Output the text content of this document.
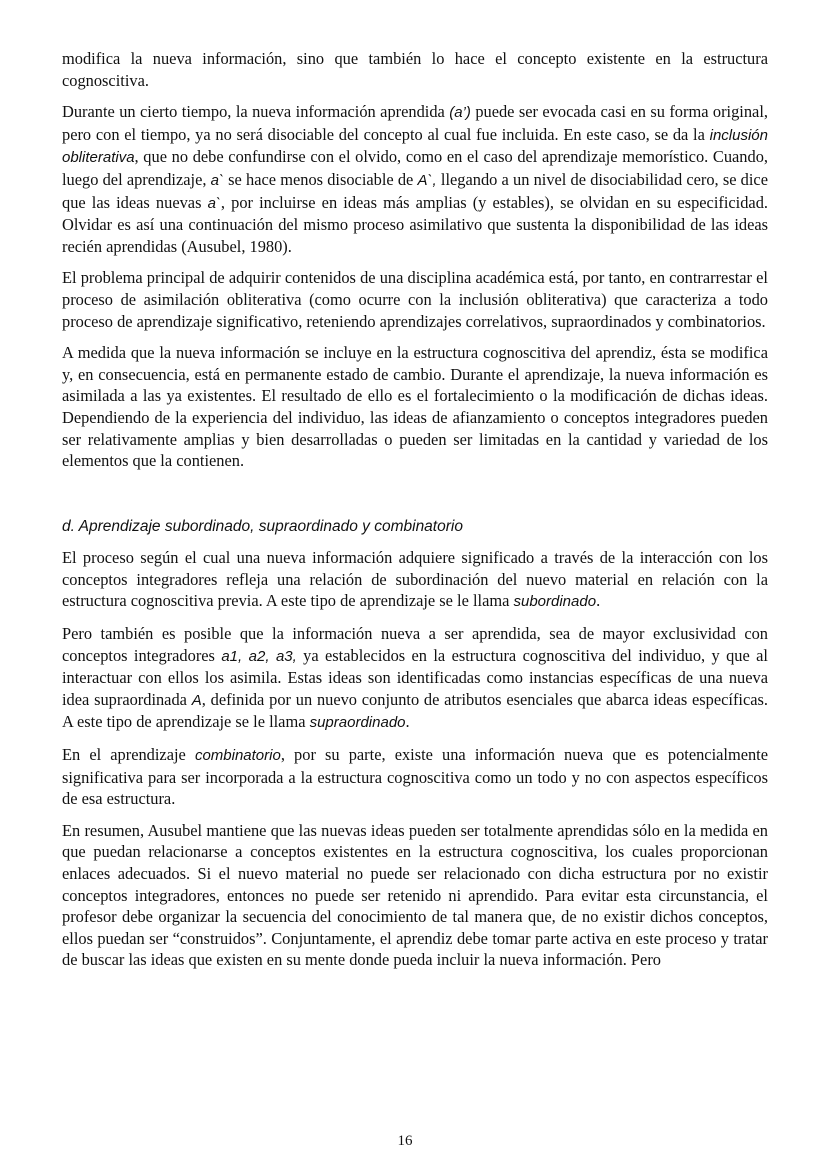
modifica la nueva información, sino que también lo hace el concepto existente en la estructura cognoscitiva.
Durante un cierto tiempo, la nueva información aprendida (a’) puede ser evocada casi en su forma original, pero con el tiempo, ya no será disociable del concepto al cual fue incluida. En este caso, se da la inclusión obliterativa, que no debe confundirse con el olvido, como en el caso del aprendizaje memorístico. Cuando, luego del aprendizaje, a` se hace menos disociable de A`, llegando a un nivel de disociabilidad cero, se dice que las ideas nuevas a`, por incluirse en ideas más amplias (y estables), se olvidan en su especificidad. Olvidar es así una continuación del mismo proceso asimilativo que sustenta la disponibilidad de las ideas recién aprendidas (Ausubel, 1980).
El problema principal de adquirir contenidos de una disciplina académica está, por tanto, en contrarrestar el proceso de asimilación obliterativa (como ocurre con la inclusión obliterativa) que caracteriza a todo proceso de aprendizaje significativo, reteniendo aprendizajes correlativos, supraordinados y combinatorios.
A medida que la nueva información se incluye en la estructura cognoscitiva del aprendiz, ésta se modifica y, en consecuencia, está en permanente estado de cambio. Durante el aprendizaje, la nueva información es asimilada a las ya existentes. El resultado de ello es el fortalecimiento o la modificación de dichas ideas. Dependiendo de la experiencia del individuo, las ideas de afianzamiento o conceptos integradores pueden ser relativamente amplias y bien desarrolladas o pueden ser limitadas en la cantidad y variedad de los elementos que la contienen.
d. Aprendizaje subordinado, supraordinado y combinatorio
El proceso según el cual una nueva información adquiere significado a través de la interacción con los conceptos integradores refleja una relación de subordinación del nuevo material en relación con la estructura cognoscitiva previa. A este tipo de aprendizaje se le llama subordinado.
Pero también es posible que la información nueva a ser aprendida, sea de mayor exclusividad con conceptos integradores a1, a2, a3, ya establecidos en la estructura cognoscitiva del individuo, y que al interactuar con ellos los asimila. Estas ideas son identificadas como instancias específicas de una nueva idea supraordinada A, definida por un nuevo conjunto de atributos esenciales que abarca ideas específicas. A este tipo de aprendizaje se le llama supraordinado.
En el aprendizaje combinatorio, por su parte, existe una información nueva que es potencialmente significativa para ser incorporada a la estructura cognoscitiva como un todo y no con aspectos específicos de esa estructura.
En resumen, Ausubel mantiene que las nuevas ideas pueden ser totalmente aprendidas sólo en la medida en que puedan relacionarse a conceptos existentes en la estructura cognoscitiva, los cuales proporcionan enlaces adecuados. Si el nuevo material no puede ser relacionado con dicha estructura por no existir conceptos integradores, entonces no puede ser retenido ni aprendido. Para evitar esta circunstancia, el profesor debe organizar la secuencia del conocimiento de tal manera que, de no existir dichos conceptos, ellos puedan ser “construidos”. Conjuntamente, el aprendiz debe tomar parte activa en este proceso y tratar de buscar las ideas que existen en su mente donde pueda incluir la nueva información. Pero
16
